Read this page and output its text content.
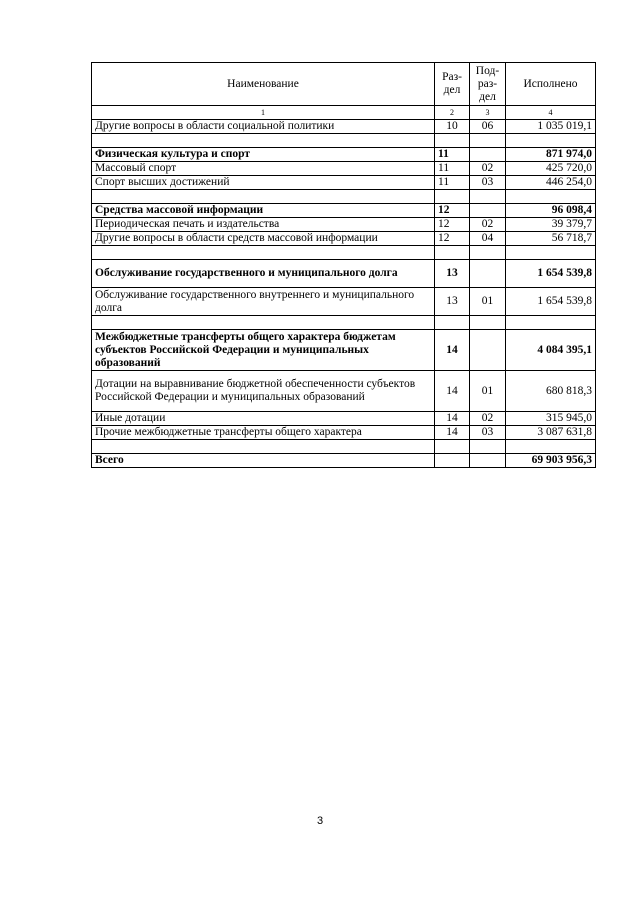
Наименование	Раз-дел	Под-раз-дел	Исполнено
1	2	3	4
Другие вопросы в области социальной политики	10	06	1 035 019,1

Физическая культура и спорт	11		871 974,0
Массовый спорт	11	02	425 720,0
Спорт высших достижений	11	03	446 254,0

Средства массовой информации	12		96 098,4
Периодическая печать и издательства	12	02	39 379,7
Другие вопросы в области средств массовой информации	12	04	56 718,7

Обслуживание государственного и муниципального долга	13		1 654 539,8
Обслуживание государственного внутреннего и муниципального долга	13	01	1 654 539,8

Межбюджетные трансферты общего характера бюджетам субъектов Российской Федерации и муниципальных образований	14		4 084 395,1
Дотации на выравнивание бюджетной обеспеченности субъектов Российской Федерации и муниципальных образований	14	01	680 818,3
Иные дотации	14	02	315 945,0
Прочие межбюджетные трансферты общего характера	14	03	3 087 631,8

Всего			69 903 956,3
3
